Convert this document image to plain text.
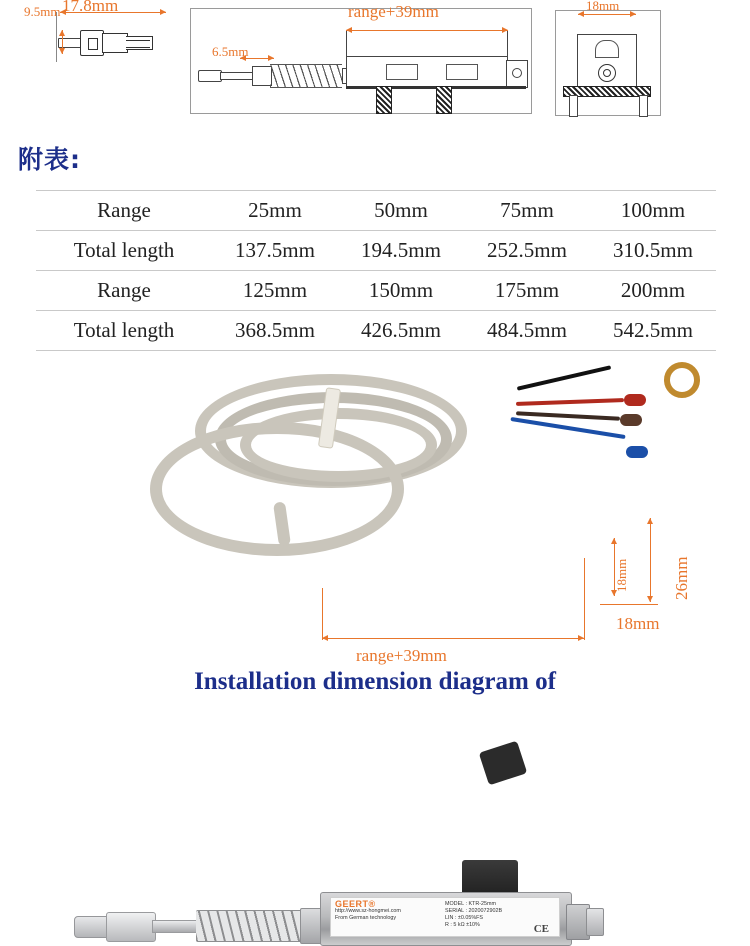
9.5mm 17.8mm
6.5mm
range+39mm	18mm
附表:
Range	25mm	50mm	75mm	100mm
Total length	137.5mm	194.5mm	252.5mm	310.5mm
Range	125mm	150mm	175mm	200mm
Total length	368.5mm	426.5mm	484.5mm	542.5mm
GEERT®
http://www.sz-hongmei.com
From German technology
MODEL : KTR-25mm
SERIAL : 2020072902B
LIN : ±0.05%FS
R : 5 kΩ ±10%	CE
range+39mm
26mm
18mm
18mm
Installation dimension diagram of
